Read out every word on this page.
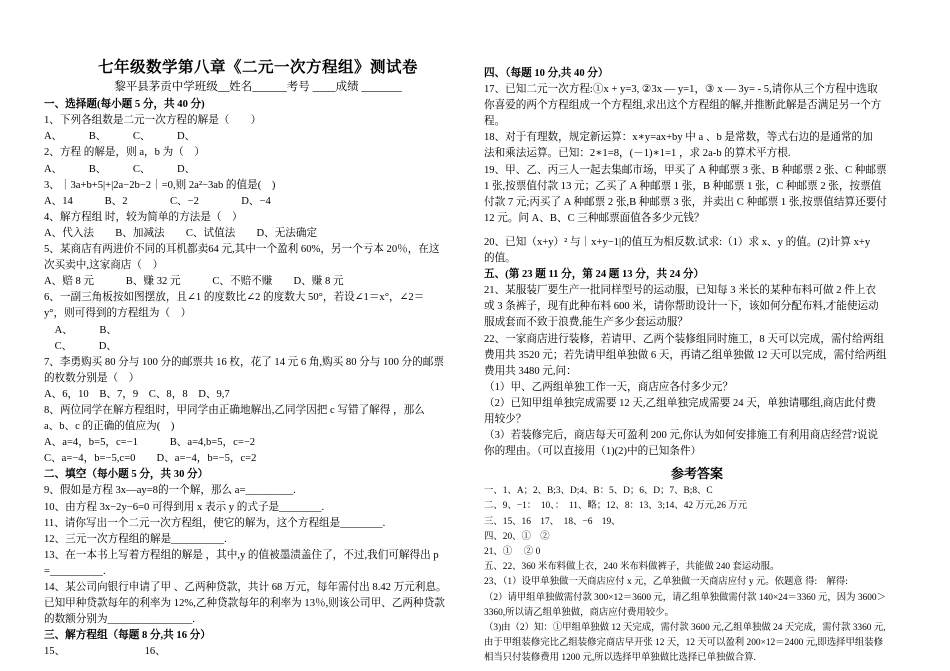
七年级数学第八章《二元一次方程组》测试卷
黎平县茅贡中学班级__姓名______考号 ____成绩 _______
一、选择题(每小题 5 分，共 40 分)
1、下列各组数是二元一次方程的解是（　　）
A、　　　B、　　　C、　　　D、
2、方程 的解是，则 a，b 为（　）
A、　　　B、　　　C、　　　D、
3、｜3a+b+5|+|2a−2b−2｜=0,则 2a²−3ab 的值是(　)
A、14　　　B、2　　　　C、−2　　　　D、−4
4、解方程组 时，较为简单的方法是（　）
A、代入法　　B、加减法　　C、试值法　　D、无法确定
5、某商店有两进价不同的耳机都卖64 元,其中一个盈利 60%，另一个亏本 20％，在这
次买卖中,这家商店（　）
A、赔 8 元　　　B、赚 32 元　　　C、不赔不赚　　D、赚 8 元
6、一副三角板按如图摆放，且∠1 的度数比∠2 的度数大 50°，若设∠1＝x°，∠2＝
y°，则可得到的方程组为（　）
　A、　　　B、
　C、　　　D、
7、李勇购买 80 分与 100 分的邮票共 16 枚，花了 14 元 6 角,购买 80 分与 100 分的邮票
的枚数分别是（　）
A、6，10　B、7，9　C、8，8　D、9,7
8、两位同学在解方程组时，甲同学由正确地解出,乙同学因把 c 写错了解得 ，那么
a、b、c 的正确的值应为(　)
A、a=4，b=5，c=−1　　　B、a=4,b=5，c=−2
C、a=−4，b=−5,c=0　　D、a=−4，b=−5，c=2
二、填空（每小题 5 分，共 30 分）
9、假如是方程 3x—ay=8的一个解，那么 a=_________.
10、由方程 3x−2y−6=0 可得到用 x 表示 y 的式子是________.
11、请你写出一个二元一次方程组，使它的解为，这个方程组是________.
12、三元一次方程组的解是__________.
13、在一本书上写着方程组的解是 ，其中,y 的值被墨渍盖住了，不过,我们可解得出 p
=__________.
14、某公司向银行申请了甲 、乙两种贷款，共计 68 万元，每年需付出 8.42 万元利息。
已知甲种贷款每年的利率为 12%,乙种贷款每年的利率为 13％,则该公司甲、乙两种贷款
的数额分别为________________.
三、解方程组（每题 8 分,共 16 分）
15、　　　　　　　　16、
四、（每题 10 分,共 40 分）
17、已知二元一次方程:①x + y=3, ②3x — y=1，③ x — 3y= - 5,请你从三个方程中选取
你喜爱的两个方程组成一个方程组,求出这个方程组的解,并推断此解是否满足另一个方
程。
18、对于有理数，规定新运算：x∗y=ax+by 中 a 、b 是常数，等式右边的是通常的加
法和乘法运算。已知：2∗1=8，(－1)∗1=1 ，求 2a-b 的算术平方根.
19、甲、乙、丙三人一起去集邮市场，甲买了 A 种邮票 3 张、B 种邮票 2 张、C 种邮票
1 张,按票值付款 13 元；乙买了 A 种邮票 1 张，B 种邮票 1 张，C 种邮票 2 张，按票值
付款 7 元;丙买了 A 种邮票 2 张,B 种邮票 3 张，并卖出 C 种邮票 1 张,按票值结算还要付
12 元。问 A、B、C 三种邮票面值各多少元钱？
20、已知（x+y）² 与｜x+y−1|的值互为相反数.试求:（1）求 x、y 的值。(2)计算 x+y
的值。
五、(第 23 题 11 分，第 24 题 13 分，共 24 分）
21、某服装厂要生产一批同样型号的运动服，已知每 3 米长的某种布料可做 2 件上衣
或 3 条裤子，现有此种布料 600 米，请你帮助设计一下，该如何分配布料,才能使运动
服成套而不致于浪费,能生产多少套运动服？
22、一家商店进行装修，若请甲、乙两个装修组同时施工，8 天可以完成，需付给两组
费用共 3520 元；若先请甲组单独做 6 天，再请乙组单独做 12 天可以完成，需付给两组
费用共 3480 元,问：
（1）甲、乙两组单独工作一天，商店应各付多少元？
（2）已知甲组单独完成需要 12 天,乙组单独完成需要 24 天，单独请哪组,商店此付费
用较少？
（3）若装修完后，商店每天可盈利 200 元,你认为如何安排施工有利用商店经营?说说
你的理由。（可以直接用（1)(2)中的已知条件）
参考答案
一、1、A；2、B;3、D;4、B：5、D；6、D；7、B;8、C
二、9、−1：　10、：　11、略；12、8：13、3;14、42 万元,26 万元
三、15、16　17、　18、−6　19、
四、20、①　②
21、①　 ② 0
五、22、360 米布料做上衣，240 米布料做裤子，共能做 240 套运动服。
23、（1）设甲单独做一天商店应付 x 元，乙单独做一天商店应付 y 元。依题意 得:　解得:
（2）请甲组单独做需付款 300×12＝3600 元，请乙组单独做需付款 140×24＝3360 元，因为 3600＞
3360,所以请乙组单独做，商店应付费用较少。
（3)由（2）知：①甲组单独做 12 天完成，需付款 3600 元,乙组单独做 24 天完成，需付款 3360 元,
由于甲组装修完比乙组装修完商店早开张 12 天，12 天可以盈利 200×12＝2400 元,即选择甲组装修
相当只付装修费用 1200 元,所以选择甲单独做比选择已单独做合算.
